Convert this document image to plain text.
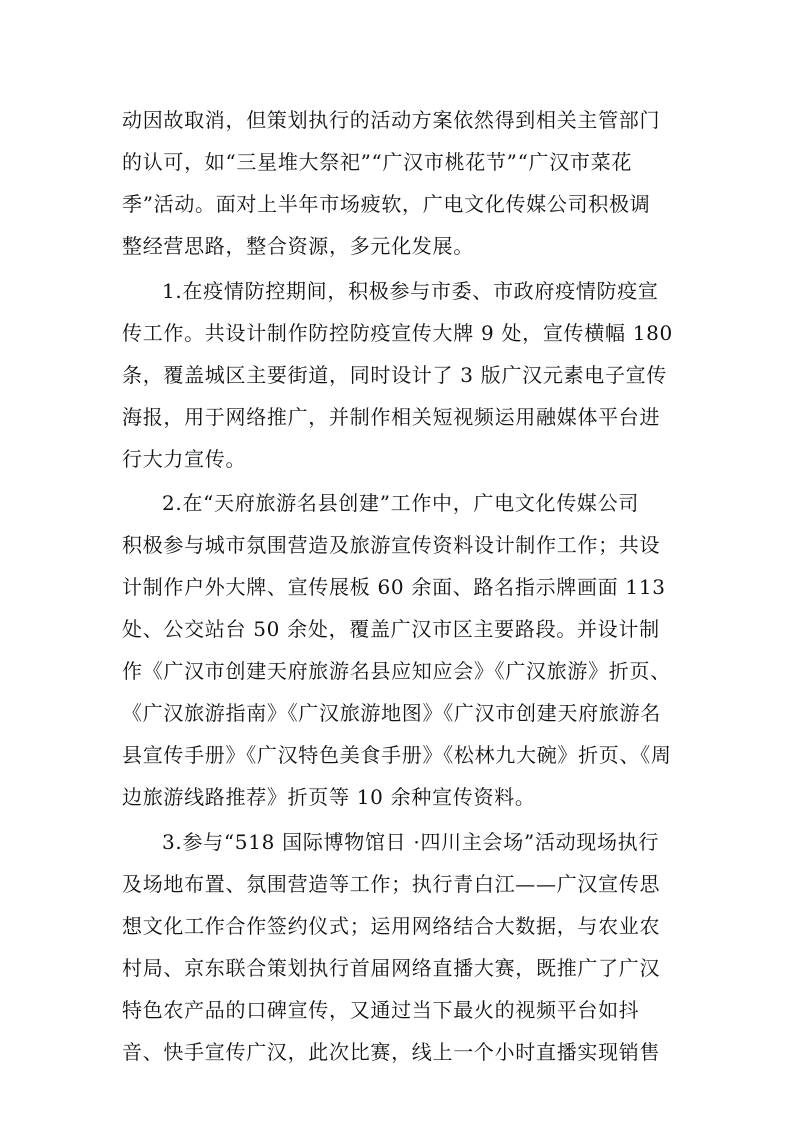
动因故取消，但策划执行的活动方案依然得到相关主管部门
的认可，如“三星堆大祭祀”“广汉市桃花节”“广汉市菜花
季”活动。面对上半年市场疲软，广电文化传媒公司积极调
整经营思路，整合资源，多元化发展。
1.在疫情防控期间，积极参与市委、市政府疫情防疫宣
传工作。共设计制作防控防疫宣传大牌 9 处，宣传横幅 180
条，覆盖城区主要街道，同时设计了 3 版广汉元素电子宣传
海报，用于网络推广，并制作相关短视频运用融媒体平台进
行大力宣传。
2.在“天府旅游名县创建”工作中，广电文化传媒公司
积极参与城市氛围营造及旅游宣传资料设计制作工作；共设
计制作户外大牌、宣传展板 60 余面、路名指示牌画面 113
处、公交站台 50 余处，覆盖广汉市区主要路段。并设计制
作《广汉市创建天府旅游名县应知应会》《广汉旅游》折页、
《广汉旅游指南》《广汉旅游地图》《广汉市创建天府旅游名
县宣传手册》《广汉特色美食手册》《松林九大碗》折页、《周
边旅游线路推荐》折页等 10 余种宣传资料。
3.参与“518 国际博物馆日 ·四川主会场”活动现场执行
及场地布置、氛围营造等工作；执行青白江——广汉宣传思
想文化工作合作签约仪式；运用网络结合大数据，与农业农
村局、京东联合策划执行首届网络直播大赛，既推广了广汉
特色农产品的口碑宣传，又通过当下最火的视频平台如抖
音、快手宣传广汉，此次比赛，线上一个小时直播实现销售
